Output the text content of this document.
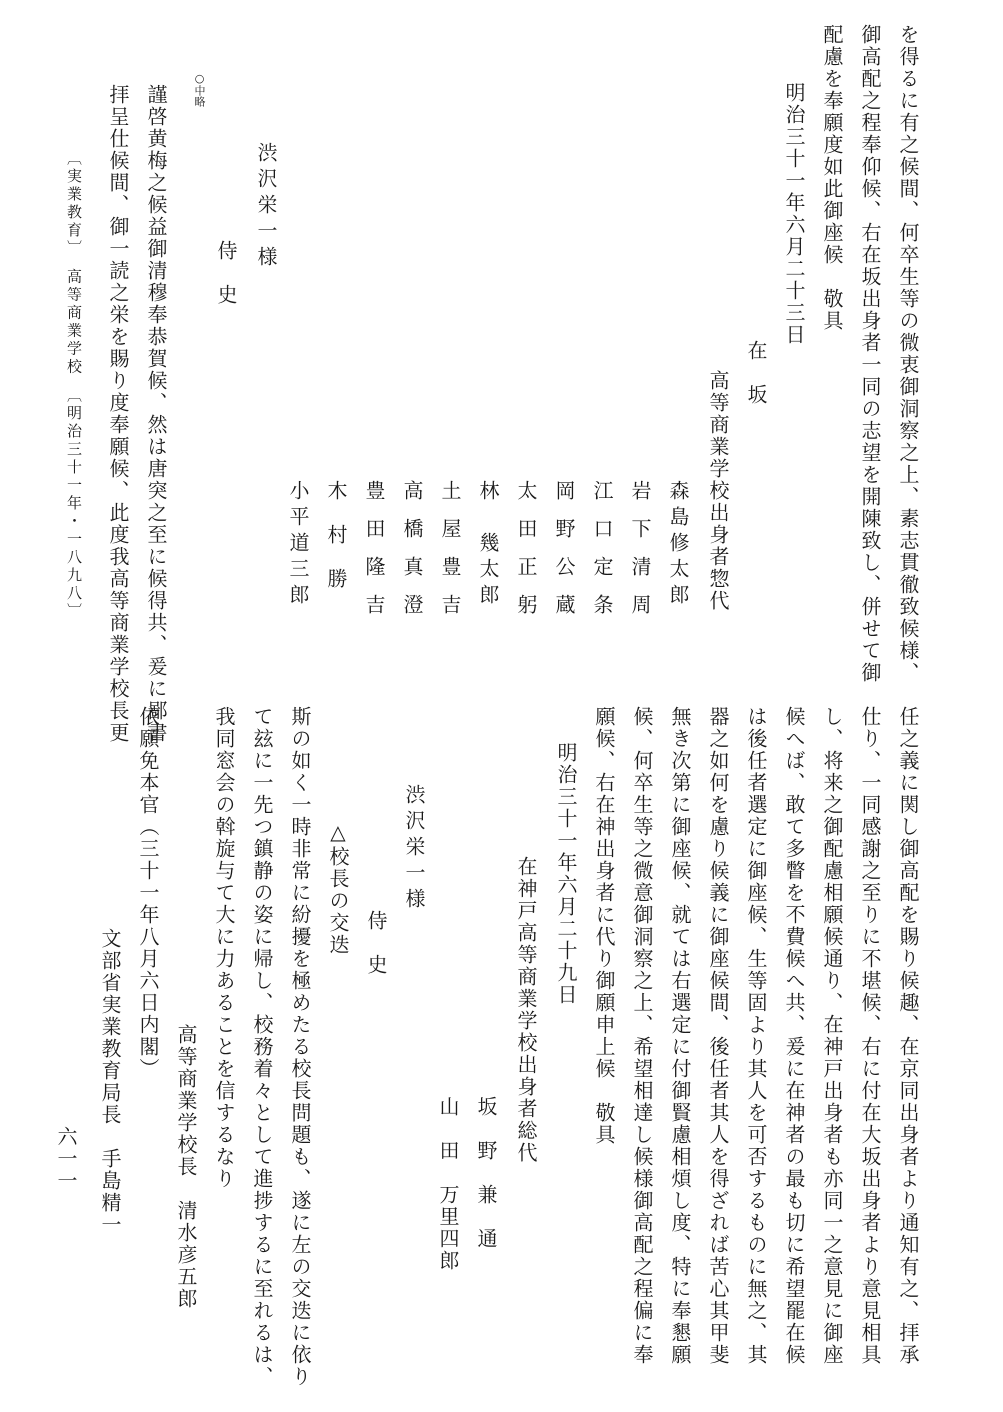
を得るに有之候間、何卒生等の微衷御洞察之上、素志貫徹致候様、
御高配之程奉仰候、右在坂出身者一同の志望を開陳致し、併せて御
配慮を奉願度如此御座候　敬具
明治三十一年六月二十三日
在　坂
高等商業学校出身者惣代
森島修太郎
岩下清周
江口定条
岡野公蔵
太田正躬
林　幾太郎
土屋豊吉
高橋真澄
豊田隆吉
木　村　勝
小平道三郎
侍　史
渋沢栄一様
○中略
謹啓黄梅之候益御清穆奉恭賀候、然は唐突之至に候得共、爰に鄙書
拝呈仕候間、御一読之栄を賜り度奉願候、此度我高等商業学校長更
〔実業教育〕　高等商業学校　〔明治三十一年・一八九八〕
任之義に関し御高配を賜り候趣、在京同出身者より通知有之、拝承
仕り、一同感謝之至りに不堪候、右に付在大坂出身者より意見相具
し、将来之御配慮相願候通り、在神戸出身者も亦同一之意見に御座
候へば、敢て多瞥を不費候へ共、爰に在神者の最も切に希望罷在候
は後任者選定に御座候、生等固より其人を可否するものに無之、其
器之如何を慮り候義に御座候間、後任者其人を得ざれば苦心其甲斐
無き次第に御座候、就ては右選定に付御賢慮相煩し度、特に奉懇願
候、何卒生等之微意御洞察之上、希望相達し候様御高配之程偏に奉
願候、右在神出身者に代り御願申上候　敬具
明治三十一年六月二十九日
在神戸高等商業学校出身者総代
坂　野　兼　通
山　田　万里四郎
侍　史
渋沢栄一様
△校長の交迭
斯の如く一時非常に紛擾を極めたる校長問題も、遂に左の交迭に依り
て玆に一先つ鎮静の姿に帰し、校務着々として進捗するに至れるは、
我同窓会の斡旋与て大に力あることを信するなり
高等商業学校長　清水彦五郎
依願免本官（三十一年八月六日内閣）
文部省実業教育局長　手島精一
六一一
